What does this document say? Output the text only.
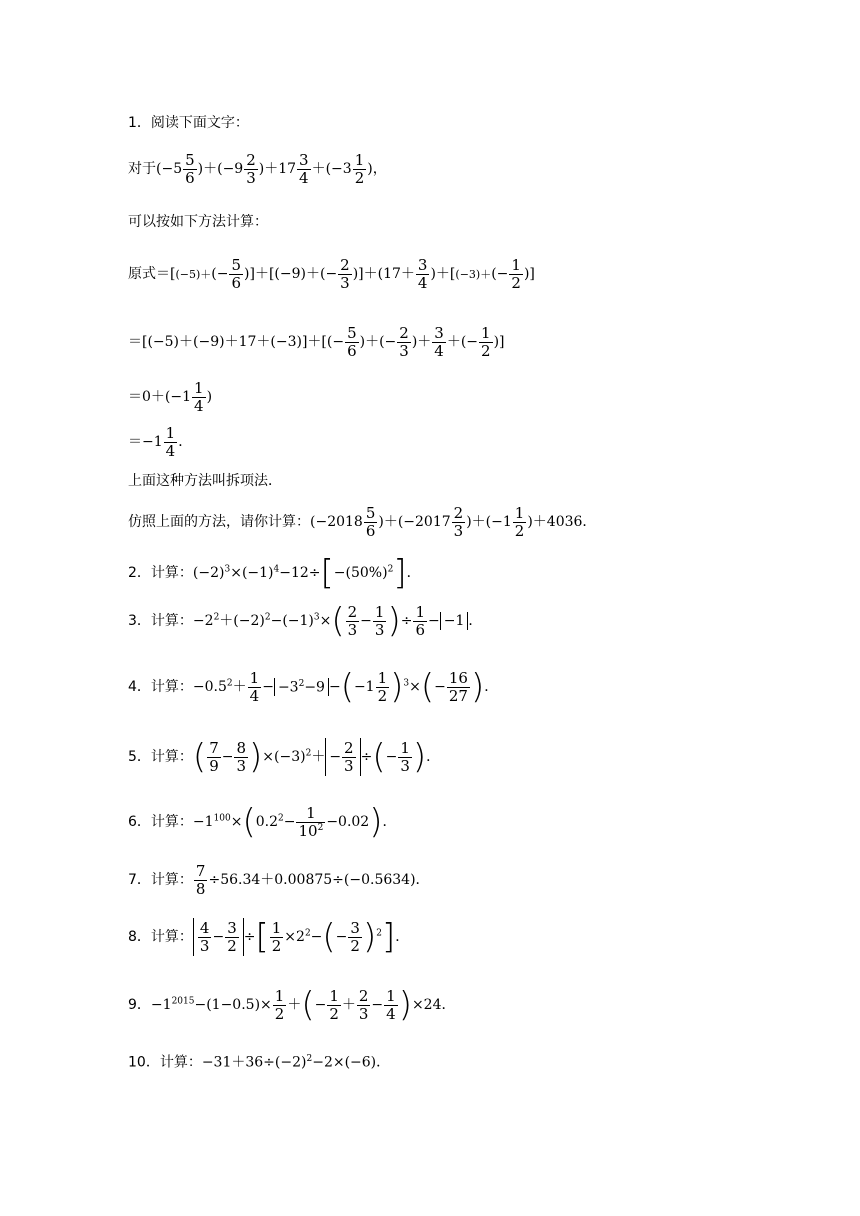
1．阅读下面文字：
对于$(-5 \frac{5}{6} )+(-9 \frac{2}{3} )+17 \frac{3}{4} +(-3 \frac{1}{2}$ )，
可以按如下方法计算：
原式$=[(-5)+(- \frac{5}{6} )]+[(-9)+(- \frac{2}{3} )]+(17+ \frac{3}{4} )+[(-3)+(- \frac{1}{2}$ )]
$=[(-5)+(-9)+17+(-3)]+[(- \frac{5}{6}$ )＋(− $\frac{2}{3}$ )＋ $\frac{3}{4}$ ＋(− $\frac{1}{2}$ )]
$=0+(-1 \frac{1}{4}$ )
$=-1 \frac{1}{4}$ ．
上面这种方法叫拆项法．
仿照上面的方法，请你计算：$(-2018 \frac{5}{6} )+(-2017 \frac{2}{3} )+(-1 \frac{1}{2} )+4036$．
2．计算：$(-2)^3\times(-1)^4-12\div[-(50\%)^2]$．
3．计算：$-2^2+(-2)^2-(-1)^3\times( \frac{2}{3} - \frac{1}{3}$ )÷ $\frac{1}{6} - -1$ ．
4．计算：$-0.5^2+ \frac{1}{4} - -3^2-9 -(-1 \frac{1}{2} )^3\times(- \frac{16}{27}$ )．
5．计算：( $\frac{7}{9} - \frac{8}{3} )\times(-3)^2+ - \frac{2}{3}$ ÷(− $\frac{1}{3}$ )．
6．计算：$-1^{100}\times(0.2^2- \frac{1}{10^2} -0.02)$．
7．计算： $\frac{7}{8} \div 56.34+0.00875\div(-0.5634)$．
8．计算： $\frac{4}{3} - \frac{3}{2}$ ÷[ $\frac{1}{2} \times 2^2-(- \frac{3}{2} )^2$]．
9．$-1^{2015}-(1-0.5)\times \frac{1}{2}$ ＋(− $\frac{1}{2} + \frac{2}{3} - \frac{1}{4} )\times 24$．
10．计算：$-31+36\div(-2)^2-2\times(-6)$．
